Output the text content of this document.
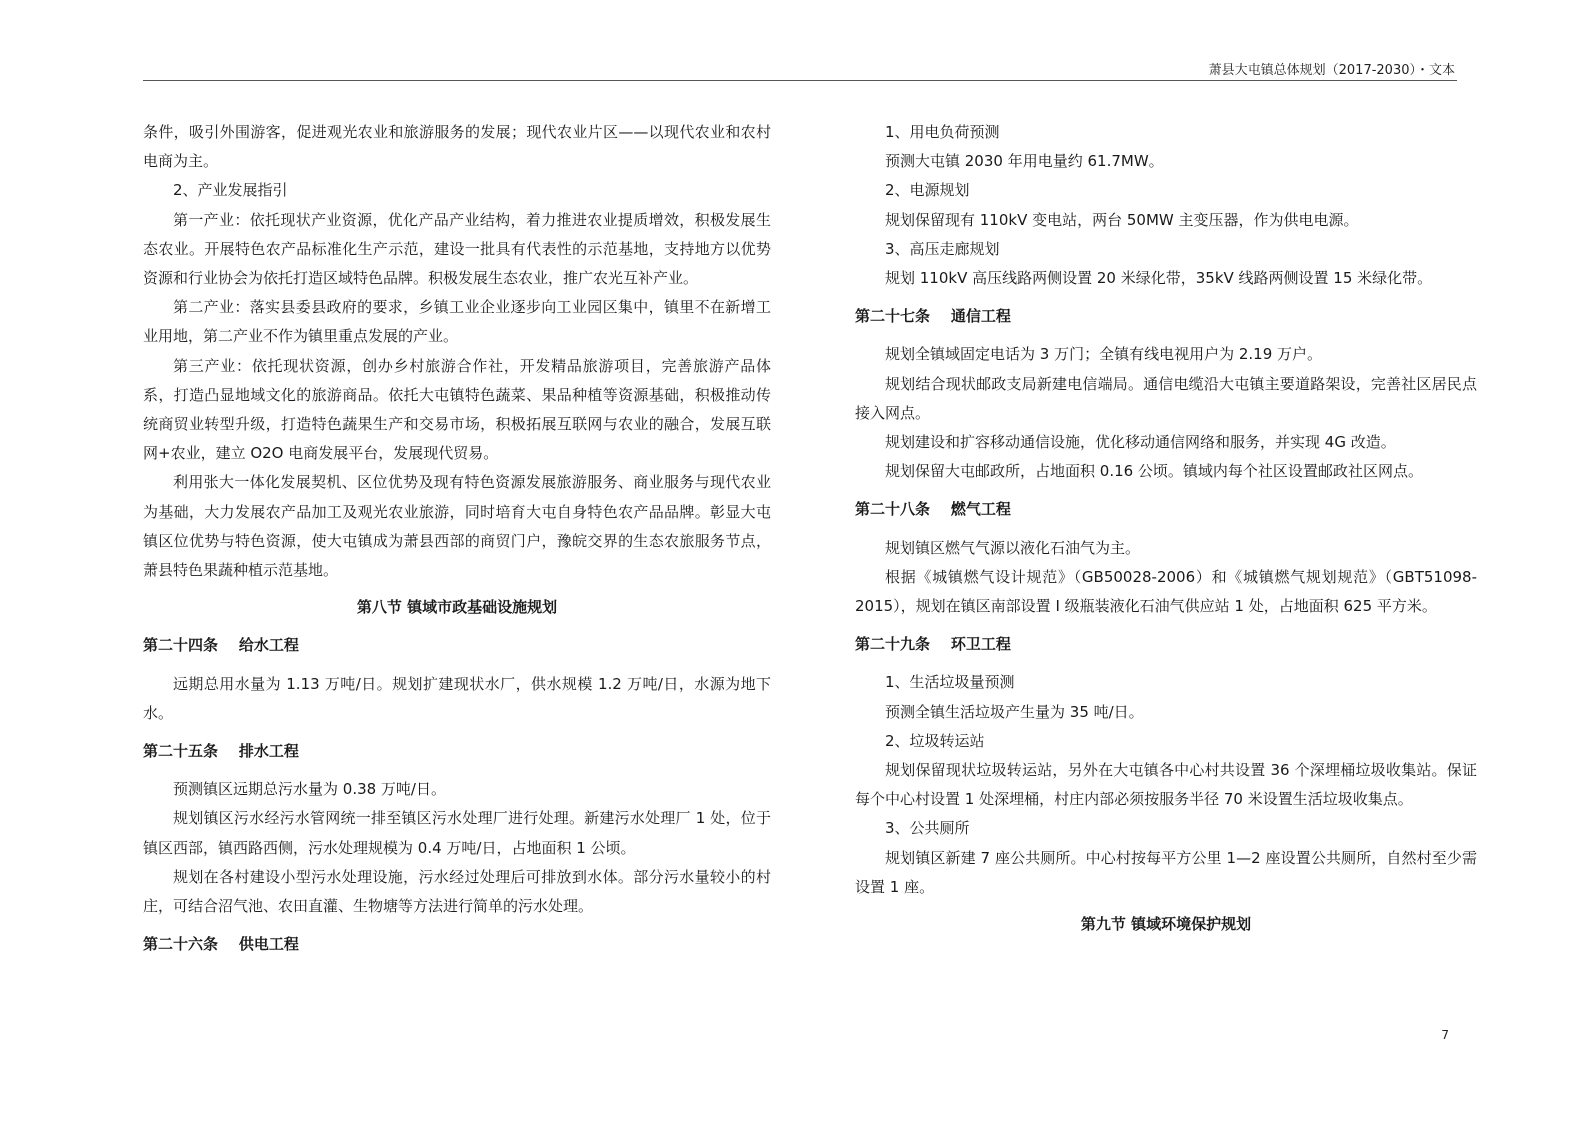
萧县大屯镇总体规划（2017-2030）・文本

条件，吸引外围游客，促进观光农业和旅游服务的发展；现代农业片区——以现代农业和农村电商为主。

2、产业发展指引

第一产业：依托现状产业资源，优化产品产业结构，着力推进农业提质增效，积极发展生态农业。开展特色农产品标准化生产示范，建设一批具有代表性的示范基地，支持地方以优势资源和行业协会为依托打造区域特色品牌。积极发展生态农业，推广农光互补产业。

第二产业：落实县委县政府的要求，乡镇工业企业逐步向工业园区集中，镇里不在新增工业用地，第二产业不作为镇里重点发展的产业。

第三产业：依托现状资源，创办乡村旅游合作社，开发精品旅游项目，完善旅游产品体系，打造凸显地域文化的旅游商品。依托大屯镇特色蔬菜、果品种植等资源基础，积极推动传统商贸业转型升级，打造特色蔬果生产和交易市场，积极拓展互联网与农业的融合，发展互联网+农业，建立 O2O 电商发展平台，发展现代贸易。

利用张大一体化发展契机、区位优势及现有特色资源发展旅游服务、商业服务与现代农业为基础，大力发展农产品加工及观光农业旅游，同时培育大屯自身特色农产品品牌。彰显大屯镇区位优势与特色资源，使大屯镇成为萧县西部的商贸门户，豫皖交界的生态农旅服务节点，萧县特色果蔬种植示范基地。

第八节 镇域市政基础设施规划
第二十四条    给水工程

远期总用水量为 1.13 万吨/日。规划扩建现状水厂，供水规模 1.2 万吨/日，水源为地下水。

第二十五条    排水工程

预测镇区远期总污水量为 0.38 万吨/日。

规划镇区污水经污水管网统一排至镇区污水处理厂进行处理。新建污水处理厂 1 处，位于镇区西部，镇西路西侧，污水处理规模为 0.4 万吨/日，占地面积 1 公顷。

规划在各村建设小型污水处理设施，污水经过处理后可排放到水体。部分污水量较小的村庄，可结合沼气池、农田直灌、生物塘等方法进行简单的污水处理。

第二十六条    供电工程

1、用电负荷预测

预测大屯镇 2030 年用电量约 61.7MW。

2、电源规划

规划保留现有 110kV 变电站，两台 50MW 主变压器，作为供电电源。

3、高压走廊规划

规划 110kV 高压线路两侧设置 20 米绿化带，35kV 线路两侧设置 15 米绿化带。

第二十七条    通信工程

规划全镇域固定电话为 3 万门；全镇有线电视用户为 2.19 万户。

规划结合现状邮政支局新建电信端局。通信电缆沿大屯镇主要道路架设，完善社区居民点接入网点。

规划建设和扩容移动通信设施，优化移动通信网络和服务，并实现 4G 改造。

规划保留大屯邮政所，占地面积 0.16 公顷。镇域内每个社区设置邮政社区网点。

第二十八条    燃气工程

规划镇区燃气气源以液化石油气为主。

根据《城镇燃气设计规范》（GB50028-2006）和《城镇燃气规划规范》（GBT51098-2015），规划在镇区南部设置 I 级瓶装液化石油气供应站 1 处，占地面积 625 平方米。

第二十九条    环卫工程

1、生活垃圾量预测

预测全镇生活垃圾产生量为 35 吨/日。

2、垃圾转运站

规划保留现状垃圾转运站，另外在大屯镇各中心村共设置 36 个深埋桶垃圾收集站。保证每个中心村设置 1 处深埋桶，村庄内部必须按服务半径 70 米设置生活垃圾收集点。

3、公共厕所

规划镇区新建 7 座公共厕所。中心村按每平方公里 1—2 座设置公共厕所，自然村至少需设置 1 座。

第九节 镇域环境保护规划
7
